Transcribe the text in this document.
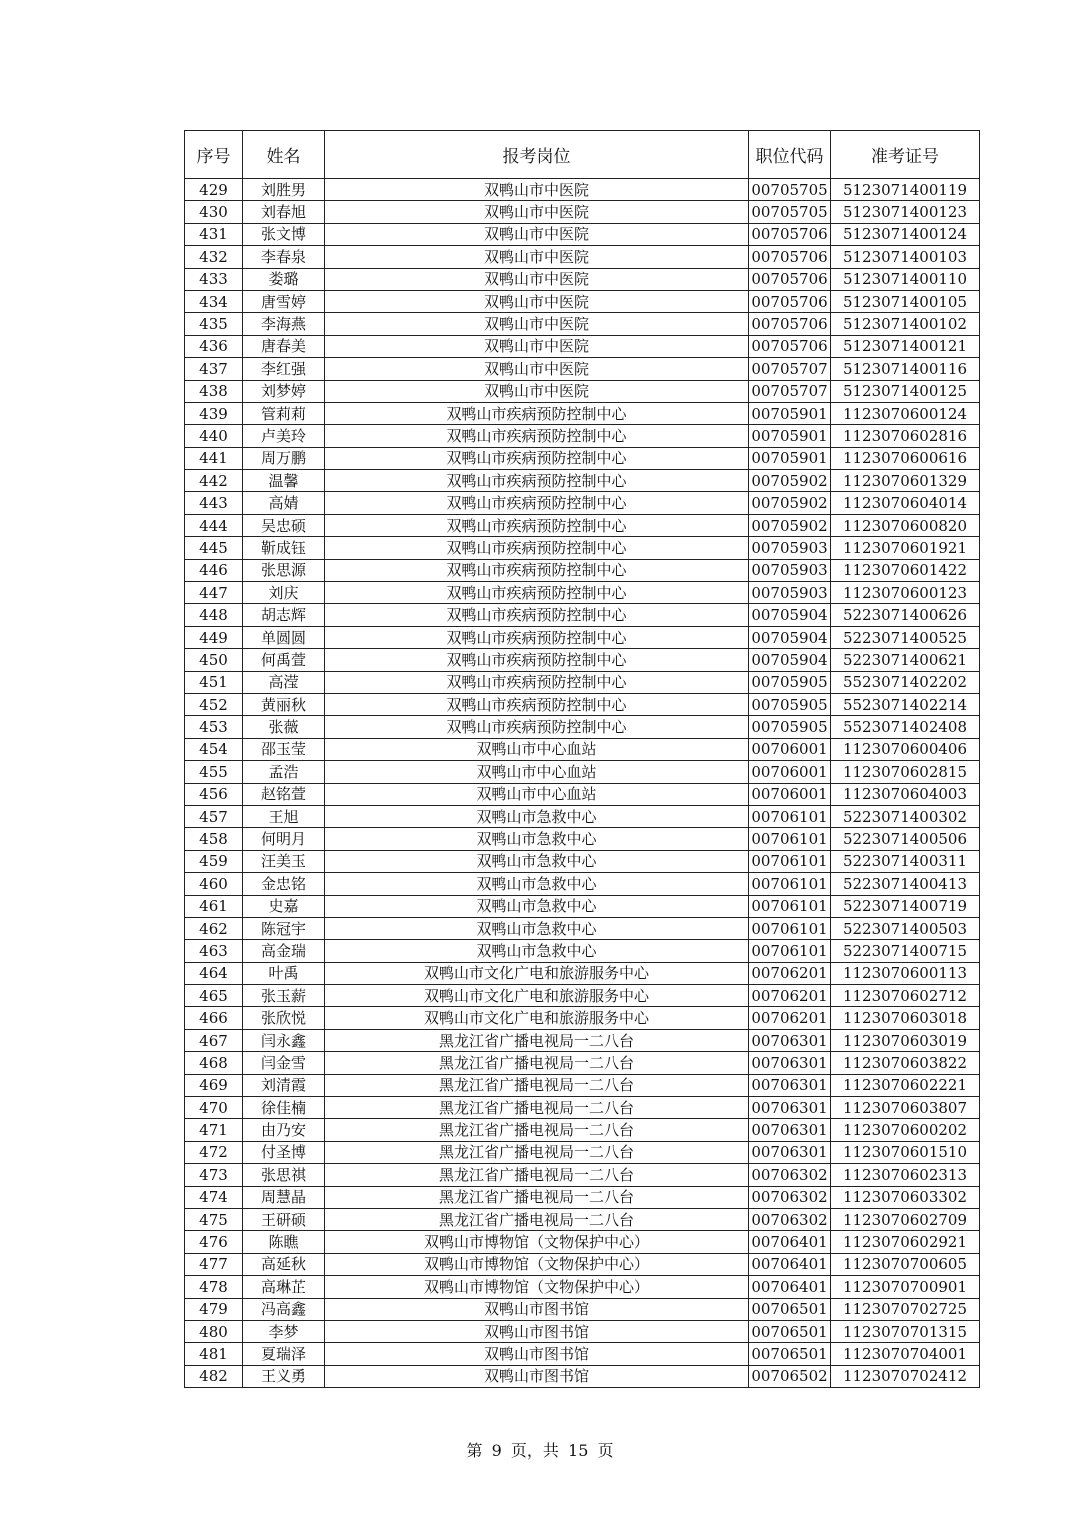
序号	姓名	报考岗位	职位代码	准考证号
429	刘胜男	双鸭山市中医院	00705705	5123071400119
430	刘春旭	双鸭山市中医院	00705705	5123071400123
431	张文博	双鸭山市中医院	00705706	5123071400124
432	李春泉	双鸭山市中医院	00705706	5123071400103
433	娄璐	双鸭山市中医院	00705706	5123071400110
434	唐雪婷	双鸭山市中医院	00705706	5123071400105
435	李海燕	双鸭山市中医院	00705706	5123071400102
436	唐春美	双鸭山市中医院	00705706	5123071400121
437	李红强	双鸭山市中医院	00705707	5123071400116
438	刘梦婷	双鸭山市中医院	00705707	5123071400125
439	管莉莉	双鸭山市疾病预防控制中心	00705901	1123070600124
440	卢美玲	双鸭山市疾病预防控制中心	00705901	1123070602816
441	周万鹏	双鸭山市疾病预防控制中心	00705901	1123070600616
442	温馨	双鸭山市疾病预防控制中心	00705902	1123070601329
443	高婧	双鸭山市疾病预防控制中心	00705902	1123070604014
444	吴忠硕	双鸭山市疾病预防控制中心	00705902	1123070600820
445	靳成钰	双鸭山市疾病预防控制中心	00705903	1123070601921
446	张思源	双鸭山市疾病预防控制中心	00705903	1123070601422
447	刘庆	双鸭山市疾病预防控制中心	00705903	1123070600123
448	胡志辉	双鸭山市疾病预防控制中心	00705904	5223071400626
449	单圆圆	双鸭山市疾病预防控制中心	00705904	5223071400525
450	何禹萱	双鸭山市疾病预防控制中心	00705904	5223071400621
451	高滢	双鸭山市疾病预防控制中心	00705905	5523071402202
452	黄丽秋	双鸭山市疾病预防控制中心	00705905	5523071402214
453	张薇	双鸭山市疾病预防控制中心	00705905	5523071402408
454	邵玉莹	双鸭山市中心血站	00706001	1123070600406
455	孟浩	双鸭山市中心血站	00706001	1123070602815
456	赵铭萱	双鸭山市中心血站	00706001	1123070604003
457	王旭	双鸭山市急救中心	00706101	5223071400302
458	何明月	双鸭山市急救中心	00706101	5223071400506
459	汪美玉	双鸭山市急救中心	00706101	5223071400311
460	金忠铭	双鸭山市急救中心	00706101	5223071400413
461	史嘉	双鸭山市急救中心	00706101	5223071400719
462	陈冠宇	双鸭山市急救中心	00706101	5223071400503
463	高金瑞	双鸭山市急救中心	00706101	5223071400715
464	叶禹	双鸭山市文化广电和旅游服务中心	00706201	1123070600113
465	张玉薪	双鸭山市文化广电和旅游服务中心	00706201	1123070602712
466	张欣悦	双鸭山市文化广电和旅游服务中心	00706201	1123070603018
467	闫永鑫	黑龙江省广播电视局一二八台	00706301	1123070603019
468	闫金雪	黑龙江省广播电视局一二八台	00706301	1123070603822
469	刘清霞	黑龙江省广播电视局一二八台	00706301	1123070602221
470	徐佳楠	黑龙江省广播电视局一二八台	00706301	1123070603807
471	由乃安	黑龙江省广播电视局一二八台	00706301	1123070600202
472	付圣博	黑龙江省广播电视局一二八台	00706301	1123070601510
473	张思祺	黑龙江省广播电视局一二八台	00706302	1123070602313
474	周慧晶	黑龙江省广播电视局一二八台	00706302	1123070603302
475	王研硕	黑龙江省广播电视局一二八台	00706302	1123070602709
476	陈瞧	双鸭山市博物馆（文物保护中心）	00706401	1123070602921
477	高延秋	双鸭山市博物馆（文物保护中心）	00706401	1123070700605
478	高琳芷	双鸭山市博物馆（文物保护中心）	00706401	1123070700901
479	冯高鑫	双鸭山市图书馆	00706501	1123070702725
480	李梦	双鸭山市图书馆	00706501	1123070701315
481	夏瑞泽	双鸭山市图书馆	00706501	1123070704001
482	王义勇	双鸭山市图书馆	00706502	1123070702412
第 9 页，共 15 页
